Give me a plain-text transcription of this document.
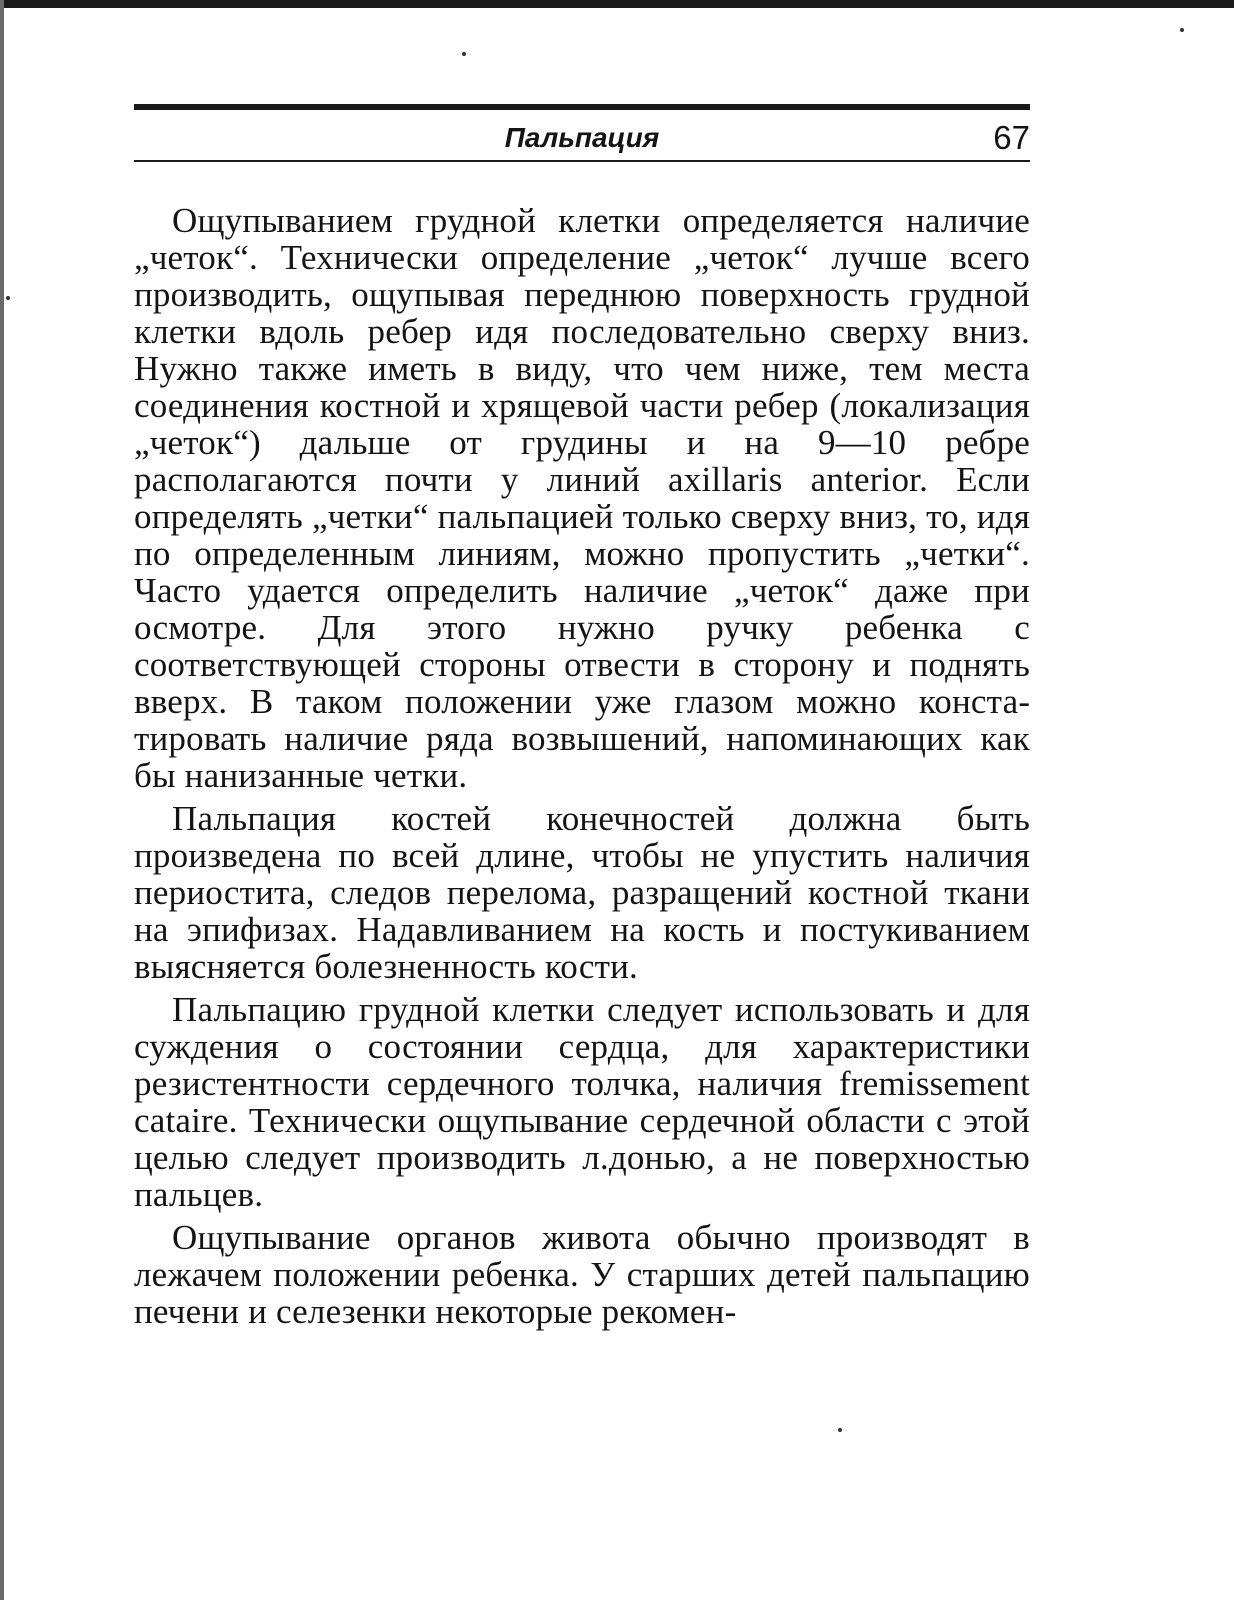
Пальпация	67

Ощупыванием грудной клетки определяется наличие „четок“. Технически определение „четок“ лучше всего производить, ощупывая переднюю поверхность грудной клетки вдоль ребер идя последовательно сверху вниз. Нужно также иметь в виду, что чем ниже, тем места соединения костной и хрящевой части ребер (локализация „четок“) дальше от грудины и на 9—10 ребре располагаются почти у линий axillaris anterior. Если определять „четки“ пальпацией только сверху вниз, то, идя по определенным линиям, можно пропустить „четки“. Часто удается определить наличие „четок“ даже при осмотре. Для этого нужно ручку ребенка с соответствующей стороны отвести в сторону и поднять вверх. В таком положении уже глазом можно констатировать наличие ряда возвышений, напоминающих как бы нанизанные четки.

Пальпация костей конечностей должна быть произведена по всей длине, чтобы не упустить наличия периостита, следов перелома, разращений костной ткани на эпифизах. Надавливанием на кость и постукиванием выясняется болезненность кости.

Пальпацию грудной клетки следует использовать и для суждения о состоянии сердца, для характеристики резистентности сердечного толчка, наличия fremissement cataire. Технически ощупывание сердечной области с этой целью следует производить л.донью, а не поверхностью пальцев.

Ощупывание органов живота обычно производят в лежачем положении ребенка. У старших детей пальпацию печени и селезенки некоторые рекомен-
